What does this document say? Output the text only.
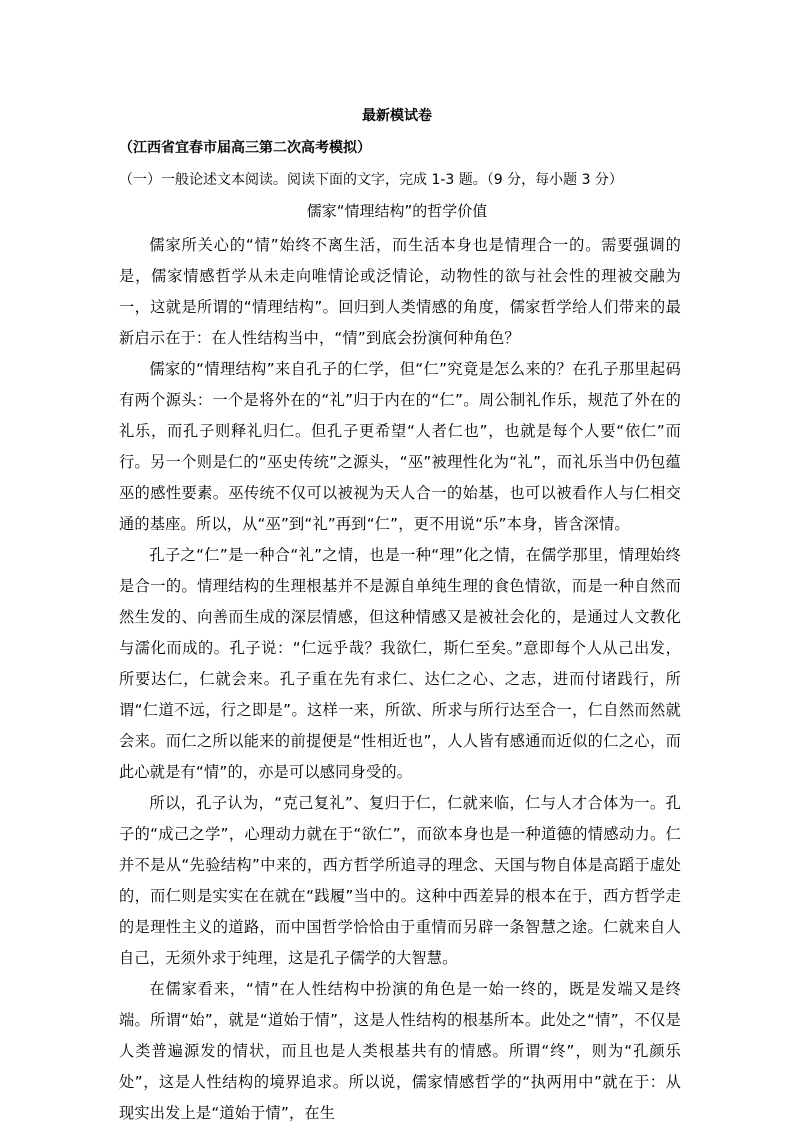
最新模试卷
（江西省宜春市届高三第二次高考模拟）
（一）一般论述文本阅读。阅读下面的文字，完成 1-3 题。（9 分，每小题 3 分）
儒家“情理结构”的哲学价值

儒家所关心的“情”始终不离生活，而生活本身也是情理合一的。需要强调的是，儒家情感哲学从未走向唯情论或泛情论，动物性的欲与社会性的理被交融为一，这就是所谓的“情理结构”。回归到人类情感的角度，儒家哲学给人们带来的最新启示在于：在人性结构当中，“情”到底会扮演何种角色？

儒家的“情理结构”来自孔子的仁学，但“仁”究竟是怎么来的？在孔子那里起码有两个源头：一个是将外在的“礼”归于内在的“仁”。周公制礼作乐，规范了外在的礼乐，而孔子则释礼归仁。但孔子更希望“人者仁也”，也就是每个人要“依仁”而行。另一个则是仁的“巫史传统”之源头，“巫”被理性化为“礼”，而礼乐当中仍包蕴巫的感性要素。巫传统不仅可以被视为天人合一的始基，也可以被看作人与仁相交通的基座。所以，从“巫”到“礼”再到“仁”，更不用说“乐”本身，皆含深情。

孔子之“仁”是一种合“礼”之情，也是一种“理”化之情，在儒学那里，情理始终是合一的。情理结构的生理根基并不是源自单纯生理的食色情欲，而是一种自然而然生发的、向善而生成的深层情感，但这种情感又是被社会化的，是通过人文教化与濡化而成的。孔子说：“仁远乎哉？我欲仁，斯仁至矣。”意即每个人从己出发，所要达仁，仁就会来。孔子重在先有求仁、达仁之心、之志，进而付诸践行，所谓“仁道不远，行之即是”。这样一来，所欲、所求与所行达至合一，仁自然而然就会来。而仁之所以能来的前提便是“性相近也”，人人皆有感通而近似的仁之心，而此心就是有“情”的，亦是可以感同身受的。

所以，孔子认为，“克己复礼”、复归于仁，仁就来临，仁与人才合体为一。孔子的“成己之学”，心理动力就在于“欲仁”，而欲本身也是一种道德的情感动力。仁并不是从“先验结构”中来的，西方哲学所追寻的理念、天国与物自体是高蹈于虚处的，而仁则是实实在在就在“践履”当中的。这种中西差异的根本在于，西方哲学走的是理性主义的道路，而中国哲学恰恰由于重情而另辟一条智慧之途。仁就来自人自己，无须外求于纯理，这是孔子儒学的大智慧。

在儒家看来，“情”在人性结构中扮演的角色是一始一终的，既是发端又是终端。所谓“始”，就是“道始于情”，这是人性结构的根基所本。此处之“情”，不仅是人类普遍源发的情状，而且也是人类根基共有的情感。所谓“终”，则为“孔颜乐处”，这是人性结构的境界追求。所以说，儒家情感哲学的“执两用中”就在于：从现实出发上是“道始于情”，在生
